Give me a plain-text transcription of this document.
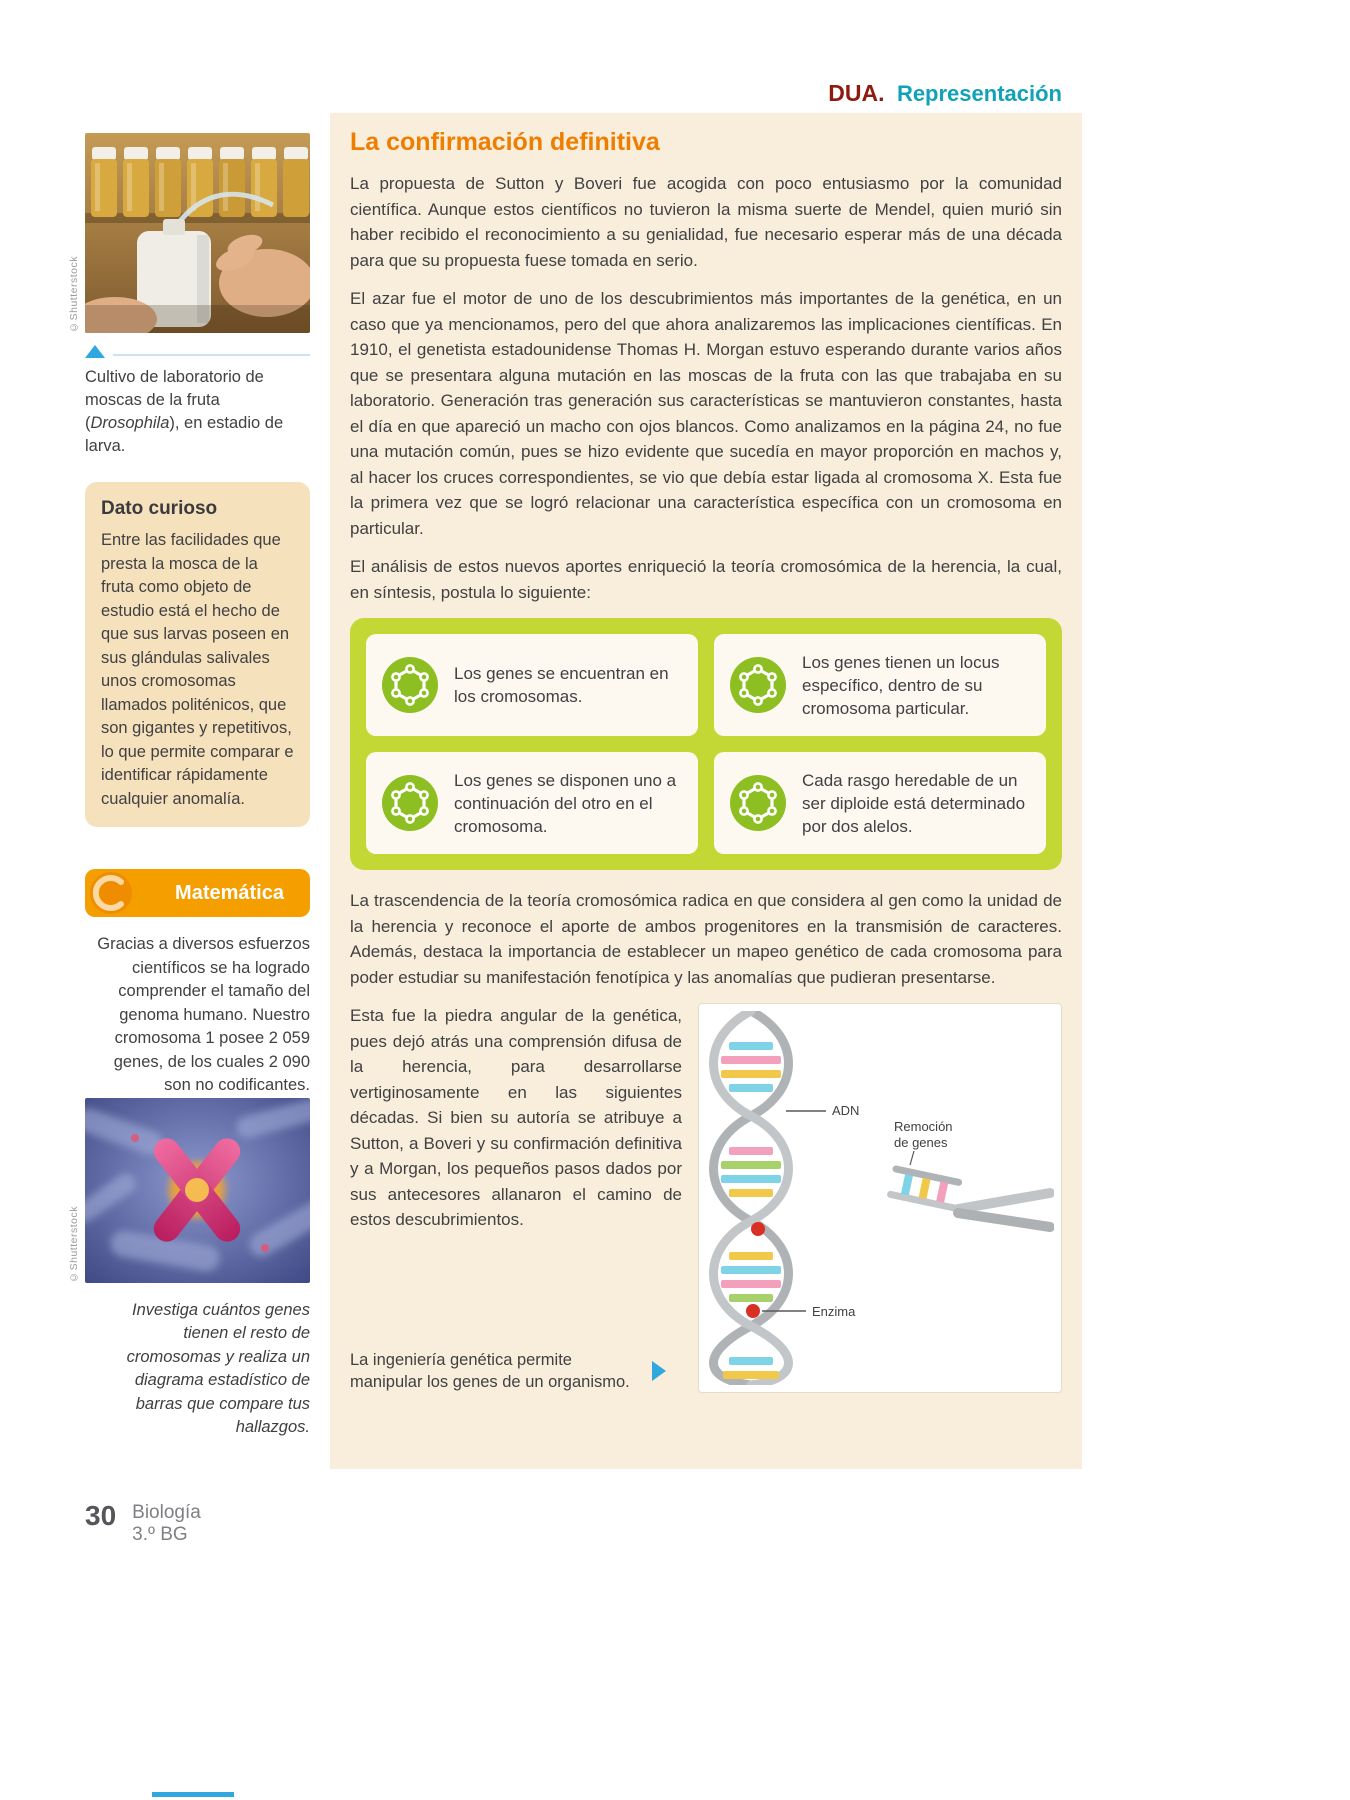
DUA. Representación
©Shutterstock

Cultivo de laboratorio de moscas de la fruta (Drosophila), en estadio de larva.

Dato curioso

Entre las facilidades que presta la mosca de la fruta como objeto de estudio está el hecho de que sus larvas poseen en sus glándulas salivales unos cromosomas llamados politénicos, que son gigantes y repetitivos, lo que permite comparar e identificar rápidamente cualquier anomalía.

Matemática

Gracias a diversos esfuerzos científicos se ha logrado comprender el tamaño del genoma humano. Nuestro cromosoma 1 posee 2 059 genes, de los cuales 2 090 son no codificantes.

©Shutterstock

Investiga cuántos genes tienen el resto de cromosomas y realiza un diagrama estadístico de barras que compare tus hallazgos.

La confirmación definitiva

La propuesta de Sutton y Boveri fue acogida con poco entusiasmo por la comunidad científica. Aunque estos científicos no tuvieron la misma suerte de Mendel, quien murió sin haber recibido el reconocimiento a su genialidad, fue necesario esperar más de una década para que su propuesta fuese tomada en serio.

El azar fue el motor de uno de los descubrimientos más importantes de la genética, en un caso que ya mencionamos, pero del que ahora analizaremos las implicaciones científicas. En 1910, el genetista estadounidense Thomas H. Morgan estuvo esperando durante varios años que se presentara alguna mutación en las moscas de la fruta con las que trabajaba en su laboratorio. Generación tras generación sus características se mantuvieron constantes, hasta el día en que apareció un macho con ojos blancos. Como analizamos en la página 24, no fue una mutación común, pues se hizo evidente que sucedía en mayor proporción en machos y, al hacer los cruces correspondientes, se vio que debía estar ligada al cromosoma X. Esta fue la primera vez que se logró relacionar una característica específica con un cromosoma en particular.

El análisis de estos nuevos aportes enriqueció la teoría cromosómica de la herencia, la cual, en síntesis, postula lo siguiente:

Los genes se encuentran en los cromosomas.

Los genes tienen un locus específico, dentro de su cromosoma particular.

Los genes se disponen uno a continuación del otro en el cromosoma.

Cada rasgo heredable de un ser diploide está determinado por dos alelos.

La trascendencia de la teoría cromosómica radica en que considera al gen como la unidad de la herencia y reconoce el aporte de ambos progenitores en la transmisión de caracteres. Además, destaca la importancia de establecer un mapeo genético de cada cromosoma para poder estudiar su manifestación fenotípica y las anomalías que pudieran presentarse.

Esta fue la piedra angular de la genética, pues dejó atrás una comprensión difusa de la herencia, para desarrollarse vertiginosamente en las siguientes décadas. Si bien su autoría se atribuye a Sutton, a Boveri y su confirmación definitiva y a Morgan, los pequeños pasos dados por sus antecesores allanaron el camino de estos descubrimientos.

La ingeniería genética permite manipular los genes de un organismo.

ADN
Remoción
de genes
Enzima
30 Biología
3.º BG
